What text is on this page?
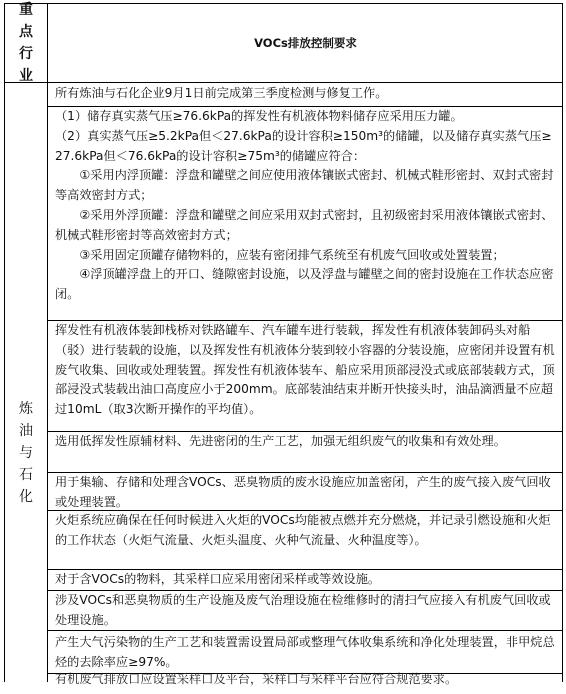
重
点
行
业
VOCs排放控制要求
炼
油
与
石
化
所有炼油与石化企业9月1日前完成第三季度检测与修复工作。
（1）储存真实蒸气压≥76.6kPa的挥发性有机液体物料储存应采用压力罐。
（2）真实蒸气压≥5.2kPa但＜27.6kPa的设计容积≥150m³的储罐，以及储存真实蒸气压≥27.6kPa但＜76.6kPa的设计容积≥75m³的储罐应符合：
　　①采用内浮顶罐：浮盘和罐壁之间应使用液体镶嵌式密封、机械式鞋形密封、双封式密封等高效密封方式；
　　②采用外浮顶罐：浮盘和罐壁之间应采用双封式密封，且初级密封采用液体镶嵌式密封、机械式鞋形密封等高效密封方式；
　　③采用固定顶罐存储物料的，应装有密闭排气系统至有机废气回收或处置装置；
　　④浮顶罐浮盘上的开口、缝隙密封设施，以及浮盘与罐壁之间的密封设施在工作状态应密闭。
挥发性有机液体装卸栈桥对铁路罐车、汽车罐车进行装载，挥发性有机液体装卸码头对船（驳）进行装载的设施，以及挥发性有机液体分装到较小容器的分装设施，应密闭并设置有机废气收集、回收或处理装置。挥发性有机液体装车、船应采用顶部浸没式或底部装载方式，顶部浸没式装载出油口高度应小于200mm。底部装油结束并断开快接头时，油品滴洒量不应超过10mL（取3次断开操作的平均值）。
选用低挥发性原辅材料、先进密闭的生产工艺，加强无组织废气的收集和有效处理。
用于集输、存储和处理含VOCs、恶臭物质的废水设施应加盖密闭，产生的废气接入废气回收或处理装置。
火炬系统应确保在任何时候进入火炬的VOCs均能被点燃并充分燃烧，并记录引燃设施和火炬的工作状态（火炬气流量、火炬头温度、火种气流量、火种温度等）。
对于含VOCs的物料，其采样口应采用密闭采样或等效设施。
涉及VOCs和恶臭物质的生产设施及废气治理设施在检维修时的清扫气应接入有机废气回收或处理设施。
产生大气污染物的生产工艺和装置需设置局部或整理气体收集系统和净化处理装置，非甲烷总烃的去除率应≥97%。
有机废气排放口应设置采样口及平台，采样口与采样平台应符合规范要求。
